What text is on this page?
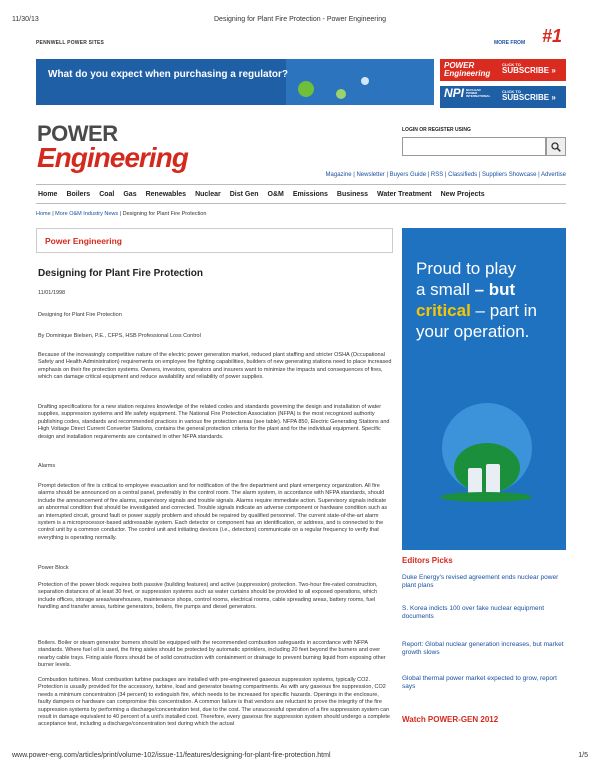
11/30/13	Designing for Plant Fire Protection - Power Engineering
PENNWELL POWER SITES	MORE FROM #1
What do you expect when purchasing a regulator?
POWER
Engineering
CLICK TO
SUBSCRIBE »
NPI NUCLEAR POWER INTERNATIONAL
CLICK TO
SUBSCRIBE »
POWER
Engineering
LOGIN OR REGISTER USING
Magazine | Newsletter | Buyers Guide | RSS | Classifieds | Suppliers Showcase | Advertise
Home Boilers Coal Gas Renewables Nuclear Dist Gen O&M Emissions Business Water Treatment New Projects
Home | More O&M Industry News | Designing for Plant Fire Protection
Power Engineering
Designing for Plant Fire Protection
11/01/1998
Designing for Plant Fire Protection
By Dominique Bielsen, P.E., CFPS, HSB Professional Loss Control
Because of the increasingly competitive nature of the electric power generation market, reduced plant staffing and stricter OSHA (Occupational Safety and Health Administration) requirements on employee fire fighting capabilities, builders of new generating stations need to place increased emphasis on their fire protection systems. Owners, investors, operators and insurers want to minimize the impacts and consequences of fires, which can damage critical equipment and reduce availability and reliability of power supplies.
Drafting specifications for a new station requires knowledge of the related codes and standards governing the design and installation of water supplies, suppression systems and life safety equipment. The National Fire Protection Association (NFPA) is the most recognized authority publishing codes, standards and recommended practices in various fire protection areas (see table). NFPA 850, Electric Generating Stations and High Voltage Direct Current Converter Stations, contains the general protection criteria for the plant and for the individual equipment. Specific design and installation requirements are contained in other NFPA standards.
Alarms
Prompt detection of fire is critical to employee evacuation and for notification of the fire department and plant emergency organization. All fire alarms should be announced on a central panel, preferably in the control room. The alarm system, in accordance with NFPA standards, should include the announcement of fire alarms, supervisory signals and trouble signals. Alarms require immediate action. Supervisory signals indicate an abnormal condition that should be investigated and corrected. Trouble signals indicate an adverse component or hardware condition such as an interrupted circuit, ground fault or power supply problem and should be repaired by qualified personnel. The current state-of-the-art alarm system is a microprocessor-based addressable system. Each detector or component has an identification, or address, and is connected to the control unit by a common conductor. The control unit and initiating devices (i.e., detectors) communicate on a regular frequency to verify that everything is operating normally.
Power Block
Protection of the power block requires both passive (building features) and active (suppression) protection. Two-hour fire-rated construction, separation distances of at least 30 feet, or suppression systems such as water curtains should be provided to all exposed operations, which include offices, storage areas/warehouses, maintenance shops, control rooms, electrical rooms, cable spreading areas, battery rooms, fuel handling and transfer areas, turbine generators, boilers, fire pumps and diesel generators.
Boilers. Boiler or steam generator burners should be equipped with the recommended combustion safeguards in accordance with NFPA standards. Where fuel oil is used, the firing aisles should be protected by automatic sprinklers, including 20 feet beyond the burners and over nearby cable trays. Firing aisle floors should be of solid construction with containment or drainage to prevent burning liquid from exposing other burner levels.
Combustion turbines. Most combustion turbine packages are installed with pre-engineered gaseous suppression systems, typically CO2. Protection is usually provided for the accessory, turbine, load and generator bearing compartments. As with any gaseous fire suppression, CO2 needs a minimum concentration (34 percent) to extinguish fire, which needs to be increased for specific hazards. Openings in the enclosure, faulty dampers or hardware can compromise this concentration. A common failure is that vendors are reluctant to prove the integrity of the fire suppression systems by performing a discharge/concentration test, due to the cost. The unsuccessful operation of a fire suppression system can result in damage equivalent to 40 percent of a unit's installed cost. Therefore, every gaseous fire suppression system should undergo a complete acceptance test, including a discharge/concentration test during which the actual
Proud to play
a small – but
critical – part in
your operation.
Editors Picks
Duke Energy's revised agreement ends nuclear power plant plans
S. Korea indicts 100 over fake nuclear equipment documents
Report: Global nuclear generation increases, but market growth slows
Global thermal power market expected to grow, report says
Watch POWER-GEN 2012
www.power-eng.com/articles/print/volume-102/issue-11/features/designing-for-plant-fire-protection.html	1/5
